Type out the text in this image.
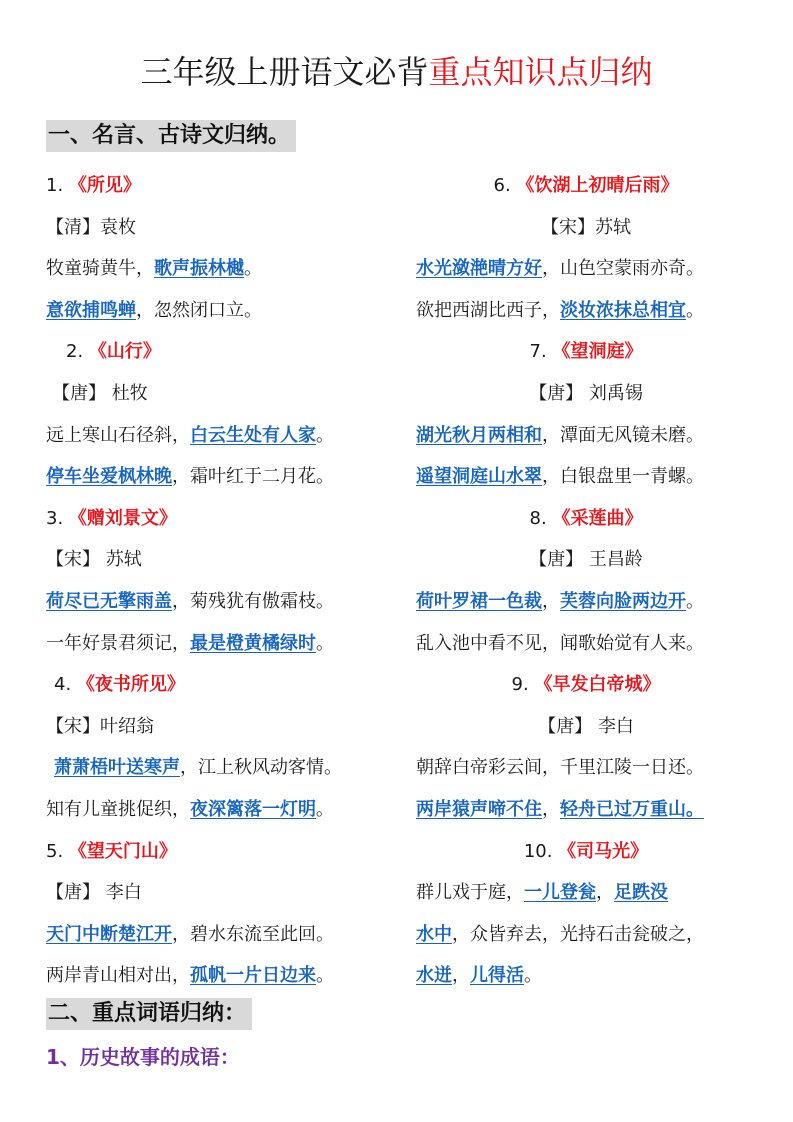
三年级上册语文必背重点知识点归纳
一、名言、古诗文归纳。
1. 《所见》
【清】袁枚
牧童骑黄牛，歌声振林樾。
意欲捕鸣蝉，忽然闭口立。
2. 《山行》
【唐】 杜牧
远上寒山石径斜，白云生处有人家。
停车坐爱枫林晚，霜叶红于二月花。
3. 《赠刘景文》
【宋】 苏轼
荷尽已无擎雨盖，菊残犹有傲霜枝。
一年好景君须记，最是橙黄橘绿时。
4. 《夜书所见》
【宋】叶绍翁
萧萧梧叶送寒声，江上秋风动客情。
知有儿童挑促织，夜深篱落一灯明。
5. 《望天门山》
【唐】 李白
天门中断楚江开，碧水东流至此回。
两岸青山相对出，孤帆一片日边来。
6. 《饮湖上初晴后雨》
【宋】苏轼
水光潋滟晴方好，山色空蒙雨亦奇。
欲把西湖比西子，淡妆浓抹总相宜。
7. 《望洞庭》
【唐】 刘禹锡
湖光秋月两相和，潭面无风镜未磨。
遥望洞庭山水翠，白银盘里一青螺。
8. 《采莲曲》
【唐】 王昌龄
荷叶罗裙一色裁，芙蓉向脸两边开。
乱入池中看不见，闻歌始觉有人来。
9. 《早发白帝城》
【唐】 李白
朝辞白帝彩云间，千里江陵一日还。
两岸猿声啼不住，轻舟已过万重山。
10. 《司马光》
群儿戏于庭，一儿登瓮，足跌没
水中，众皆弃去，光持石击瓮破之，
水迸，儿得活。
二、重点词语归纳：
1、历史故事的成语：
